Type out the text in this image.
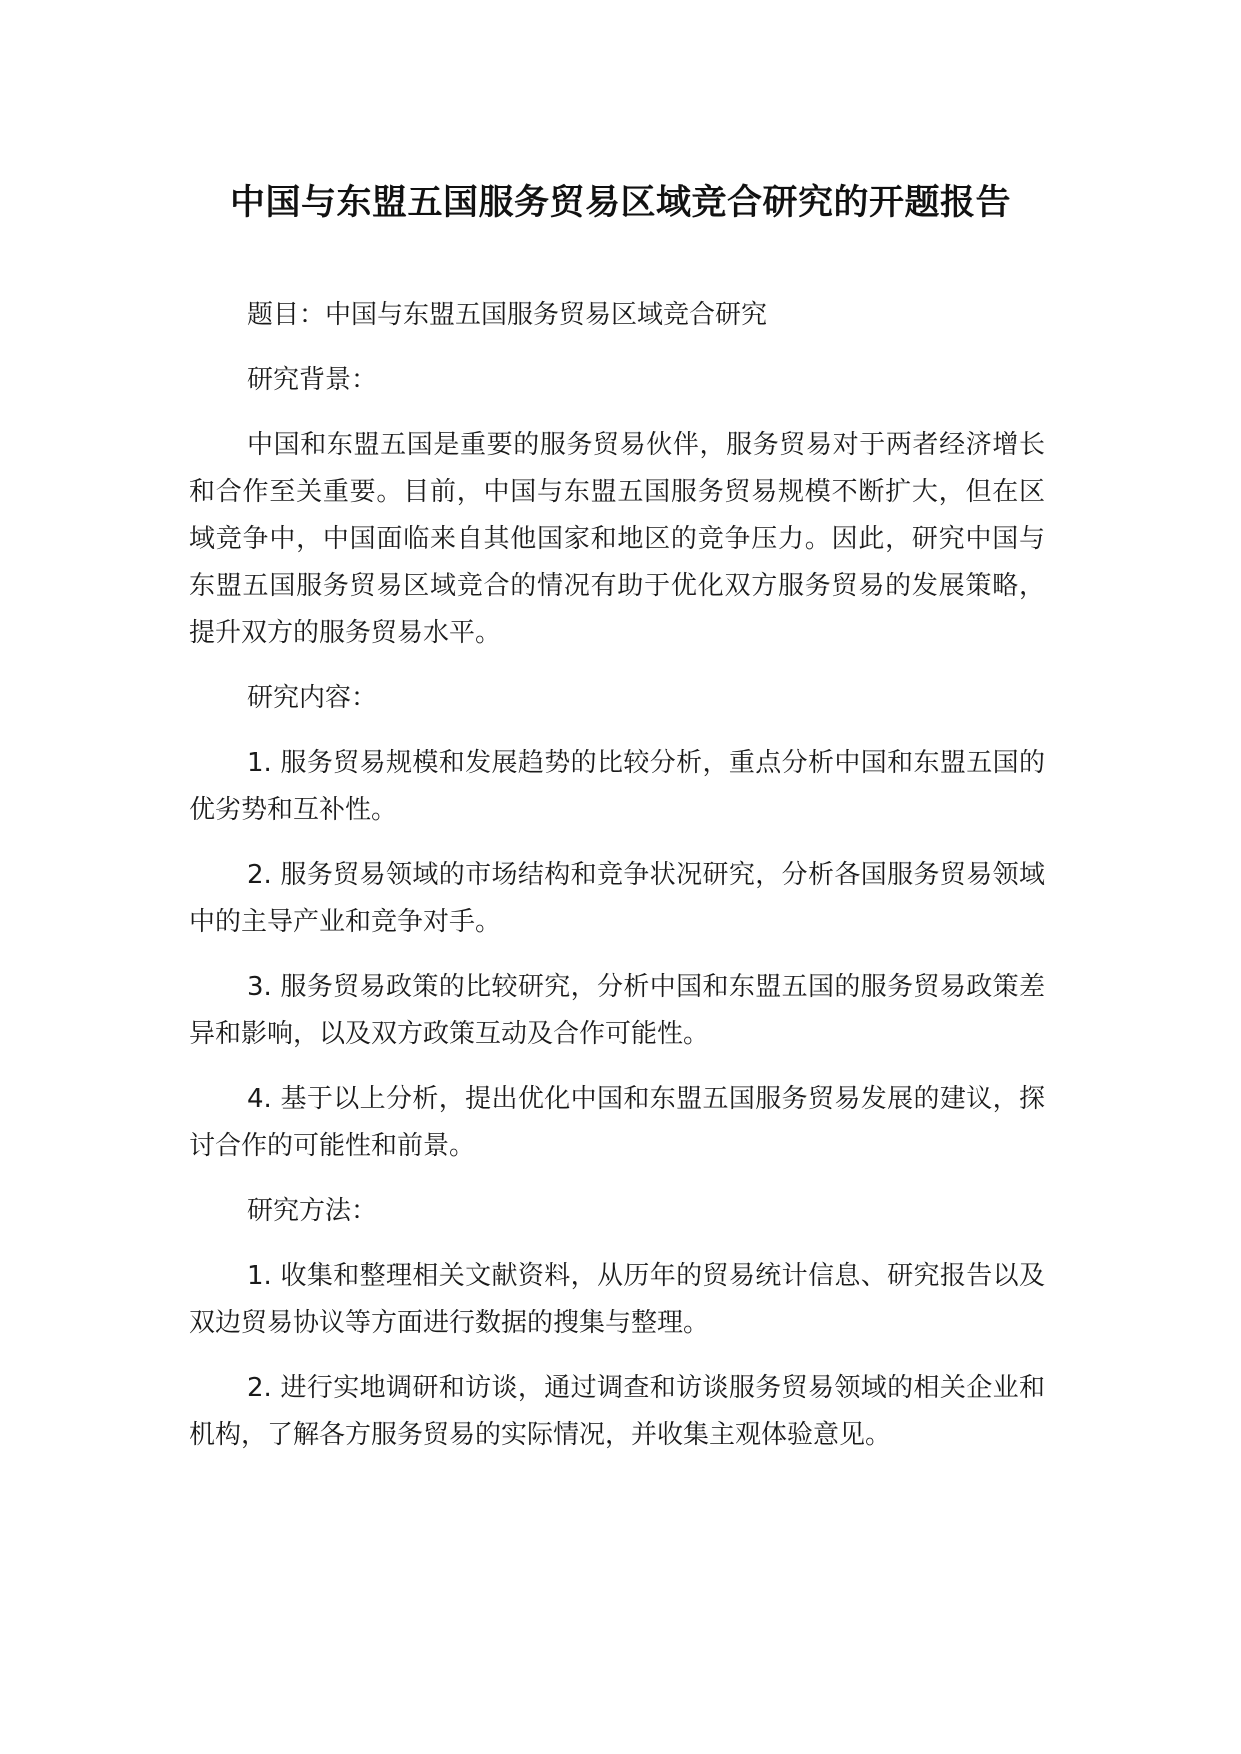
中国与东盟五国服务贸易区域竞合研究的开题报告

题目：中国与东盟五国服务贸易区域竞合研究

研究背景：

中国和东盟五国是重要的服务贸易伙伴，服务贸易对于两者经济增长和合作至关重要。目前，中国与东盟五国服务贸易规模不断扩大，但在区域竞争中，中国面临来自其他国家和地区的竞争压力。因此，研究中国与东盟五国服务贸易区域竞合的情况有助于优化双方服务贸易的发展策略，提升双方的服务贸易水平。

研究内容：

1. 服务贸易规模和发展趋势的比较分析，重点分析中国和东盟五国的优劣势和互补性。

2. 服务贸易领域的市场结构和竞争状况研究，分析各国服务贸易领域中的主导产业和竞争对手。

3. 服务贸易政策的比较研究，分析中国和东盟五国的服务贸易政策差异和影响，以及双方政策互动及合作可能性。

4. 基于以上分析，提出优化中国和东盟五国服务贸易发展的建议，探讨合作的可能性和前景。

研究方法：

1. 收集和整理相关文献资料，从历年的贸易统计信息、研究报告以及双边贸易协议等方面进行数据的搜集与整理。

2. 进行实地调研和访谈，通过调查和访谈服务贸易领域的相关企业和机构，了解各方服务贸易的实际情况，并收集主观体验意见。
